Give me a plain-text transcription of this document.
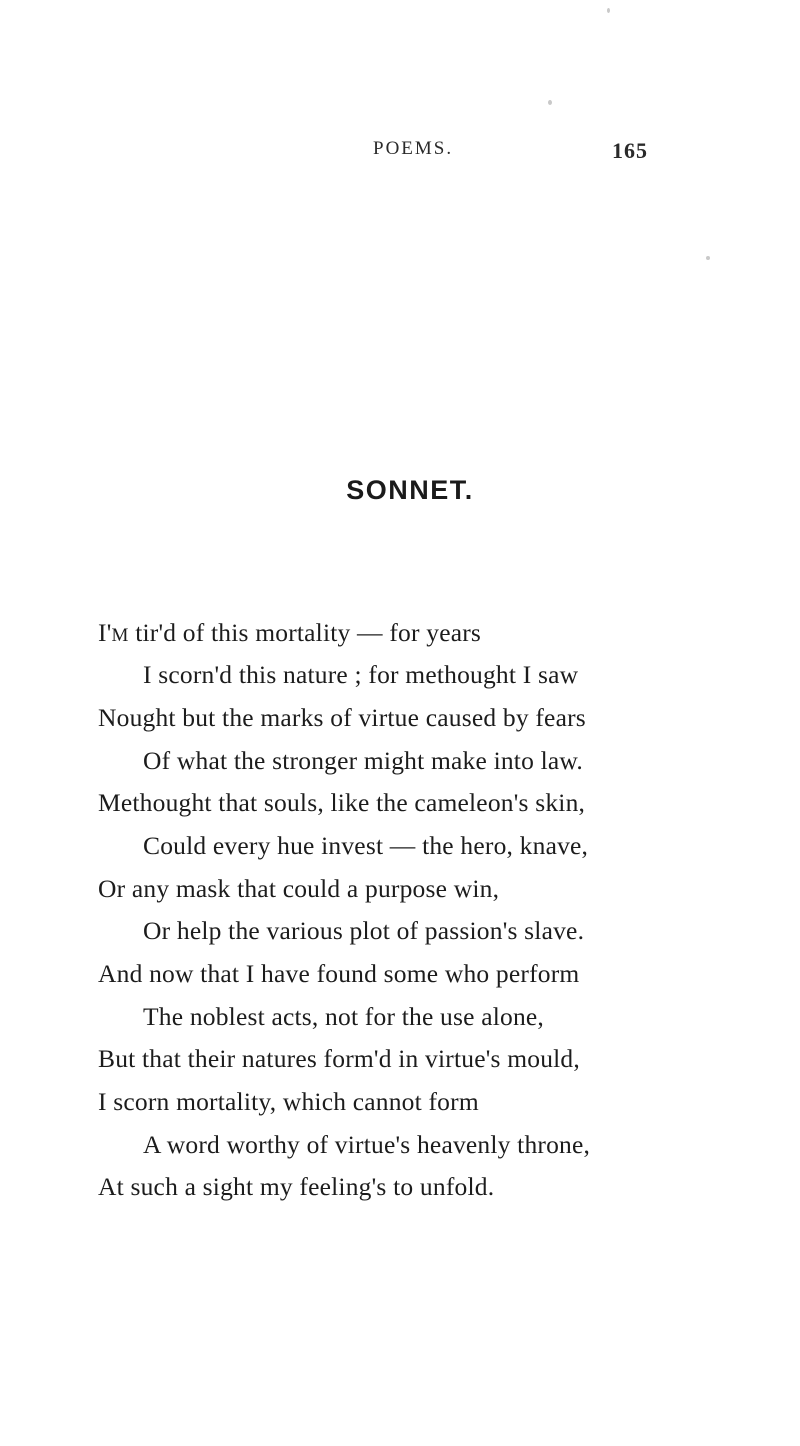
POEMS.	165
SONNET.
I'M tir'd of this mortality — for years
I scorn'd this nature ; for methought I saw
Nought but the marks of virtue caused by fears
Of what the stronger might make into law.
Methought that souls, like the cameleon's skin,
Could every hue invest — the hero, knave,
Or any mask that could a purpose win,
Or help the various plot of passion's slave.
And now that I have found some who perform
The noblest acts, not for the use alone,
But that their natures form'd in virtue's mould,
I scorn mortality, which cannot form
A word worthy of virtue's heavenly throne,
At such a sight my feeling's to unfold.
